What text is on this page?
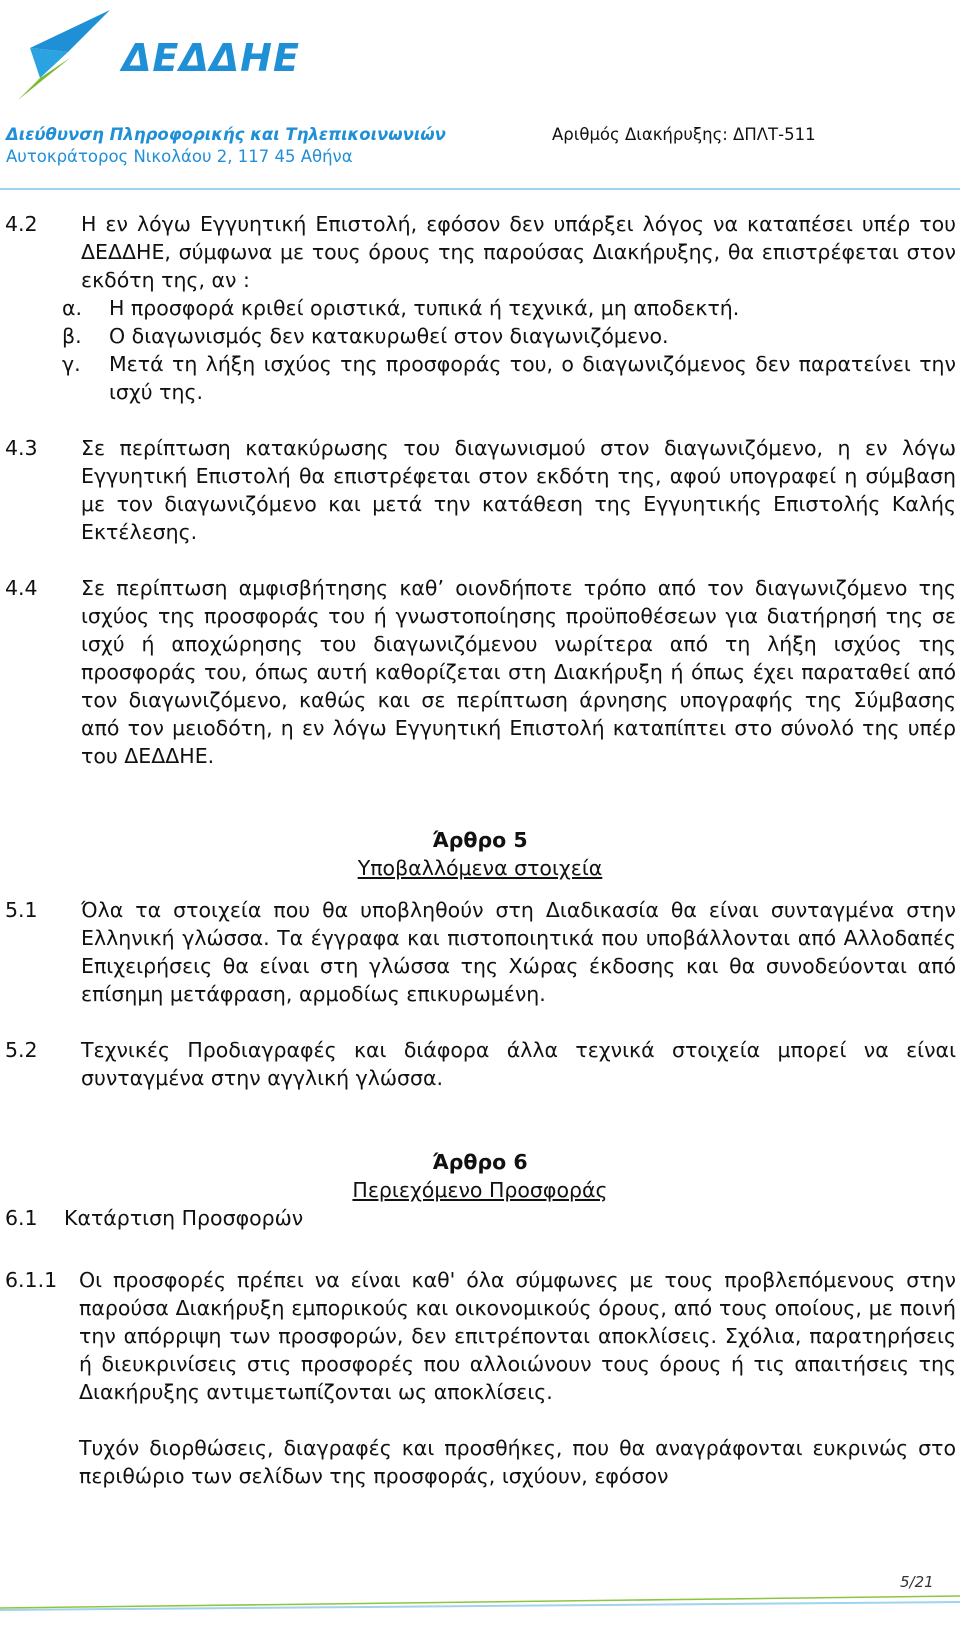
ΔΕΔΔΗΕ
Διεύθυνση Πληροφορικής και Τηλεπικοινωνιών
Αυτοκράτορος Νικολάου 2, 117 45 Αθήνα
Αριθμός Διακήρυξης: ΔΠΛΤ-511
4.2 Η εν λόγω Εγγυητική Επιστολή, εφόσον δεν υπάρξει λόγος να καταπέσει υπέρ του ΔΕΔΔΗΕ, σύμφωνα με τους όρους της παρούσας Διακήρυξης, θα επιστρέφεται στον εκδότη της, αν :
α. Η προσφορά κριθεί οριστικά, τυπικά ή τεχνικά, μη αποδεκτή.
β. Ο διαγωνισμός δεν κατακυρωθεί στον διαγωνιζόμενο.
γ. Μετά τη λήξη ισχύος της προσφοράς του, ο διαγωνιζόμενος δεν παρατείνει την ισχύ της.
4.3 Σε περίπτωση κατακύρωσης του διαγωνισμού στον διαγωνιζόμενο, η εν λόγω Εγγυητική Επιστολή θα επιστρέφεται στον εκδότη της, αφού υπογραφεί η σύμβαση με τον διαγωνιζόμενο και μετά την κατάθεση της Εγγυητικής Επιστολής Καλής Εκτέλεσης.
4.4 Σε περίπτωση αμφισβήτησης καθ’ οιονδήποτε τρόπο από τον διαγωνιζόμενο της ισχύος της προσφοράς του ή γνωστοποίησης προϋποθέσεων για διατήρησή της σε ισχύ ή αποχώρησης του διαγωνιζόμενου νωρίτερα από τη λήξη ισχύος της προσφοράς του, όπως αυτή καθορίζεται στη Διακήρυξη ή όπως έχει παραταθεί από τον διαγωνιζόμενο, καθώς και σε περίπτωση άρνησης υπογραφής της Σύμβασης από τον μειοδότη, η εν λόγω Εγγυητική Επιστολή καταπίπτει στο σύνολό της υπέρ του ΔΕΔΔΗΕ.
Άρθρο 5
Υποβαλλόμενα στοιχεία
5.1 Όλα τα στοιχεία που θα υποβληθούν στη Διαδικασία θα είναι συνταγμένα στην Ελληνική γλώσσα. Τα έγγραφα και πιστοποιητικά που υποβάλλονται από Αλλοδαπές Επιχειρήσεις θα είναι στη γλώσσα της Χώρας έκδοσης και θα συνοδεύονται από επίσημη μετάφραση, αρμοδίως επικυρωμένη.
5.2 Τεχνικές Προδιαγραφές και διάφορα άλλα τεχνικά στοιχεία μπορεί να είναι συνταγμένα στην αγγλική γλώσσα.
Άρθρο 6
Περιεχόμενο Προσφοράς
6.1 Κατάρτιση Προσφορών
6.1.1 Οι προσφορές πρέπει να είναι καθ' όλα σύμφωνες με τους προβλεπόμενους στην παρούσα Διακήρυξη εμπορικούς και οικονομικούς όρους, από τους οποίους, με ποινή την απόρριψη των προσφορών, δεν επιτρέπονται αποκλίσεις. Σχόλια, παρατηρήσεις ή διευκρινίσεις στις προσφορές που αλλοιώνουν τους όρους ή τις απαιτήσεις της Διακήρυξης αντιμετωπίζονται ως αποκλίσεις.
Τυχόν διορθώσεις, διαγραφές και προσθήκες, που θα αναγράφονται ευκρινώς στο περιθώριο των σελίδων της προσφοράς, ισχύουν, εφόσον
5/21
